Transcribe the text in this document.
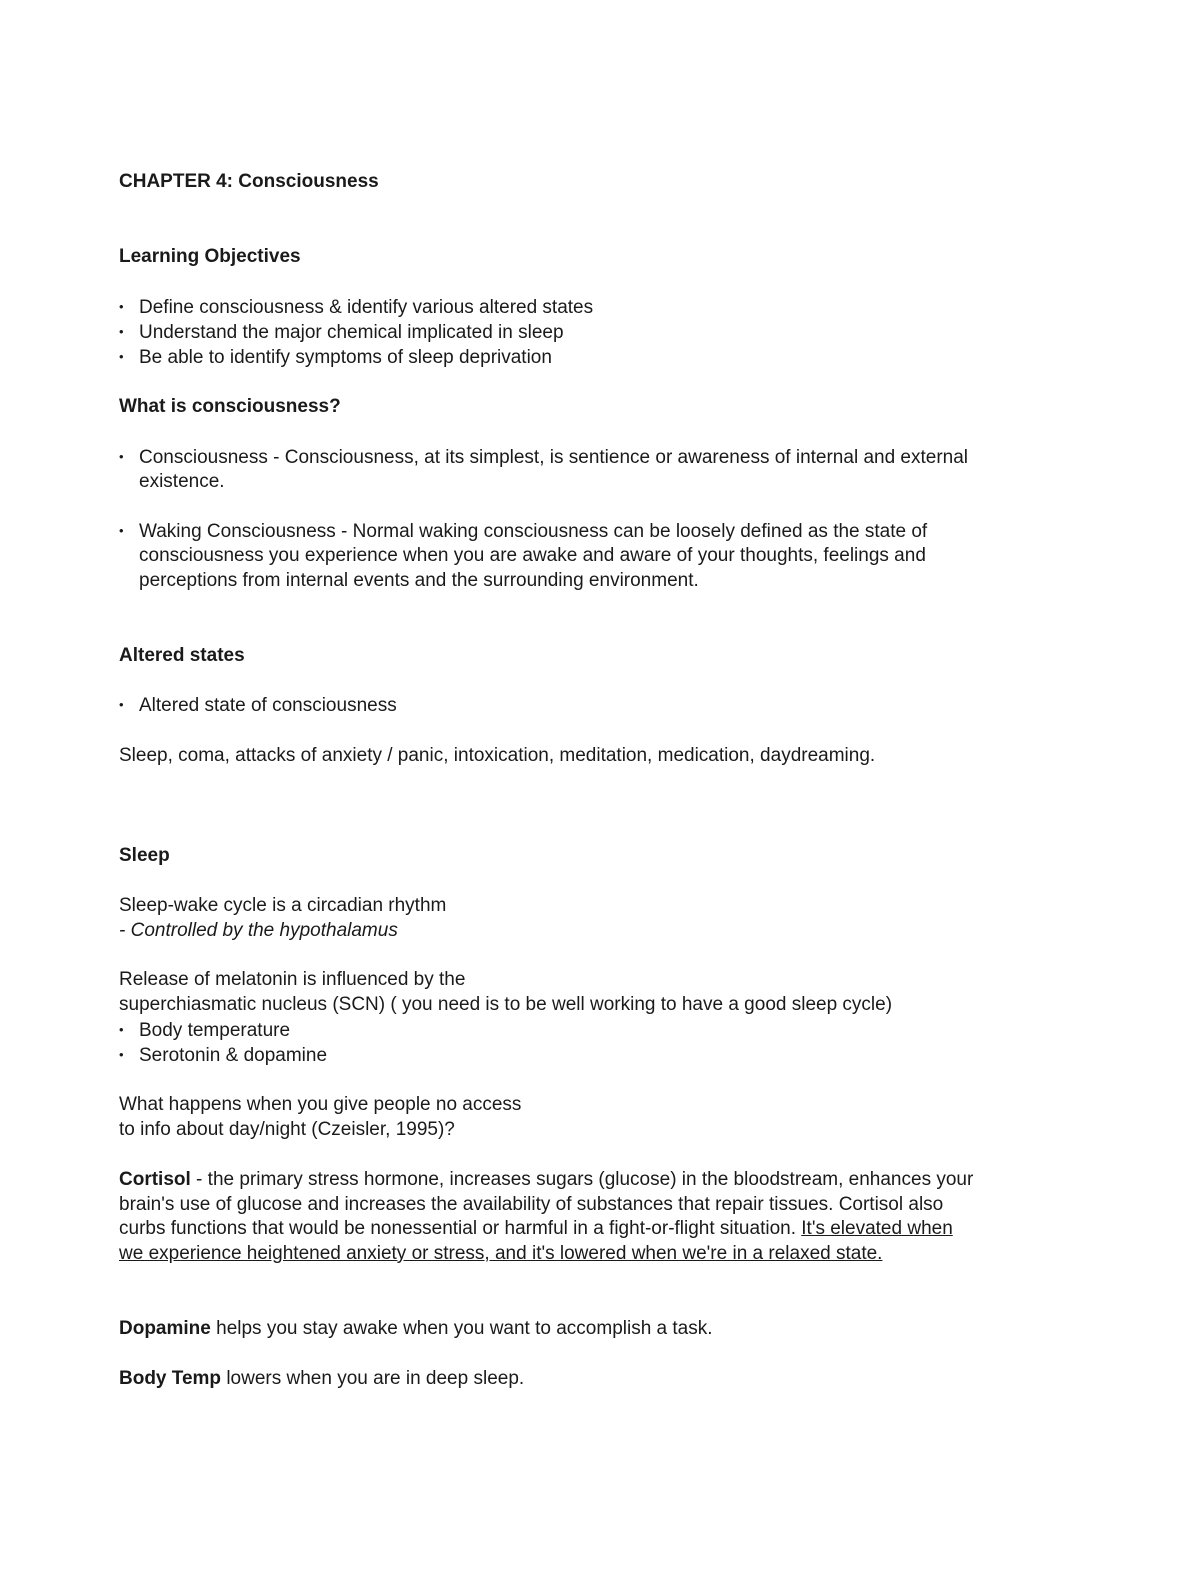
CHAPTER 4: Consciousness
Learning Objectives
• Define consciousness & identify various altered states
• Understand the major chemical implicated in sleep
• Be able to identify symptoms of sleep deprivation
What is consciousness?
• Consciousness - Consciousness, at its simplest, is sentience or awareness of internal and external
existence.
• Waking Consciousness - Normal waking consciousness can be loosely defined as the state of
consciousness you experience when you are awake and aware of your thoughts, feelings and
perceptions from internal events and the surrounding environment.
Altered states
• Altered state of consciousness
Sleep, coma, attacks of anxiety / panic, intoxication, meditation, medication, daydreaming.
Sleep
Sleep-wake cycle is a circadian rhythm
- Controlled by the hypothalamus
Release of melatonin is influenced by the
superchiasmatic nucleus (SCN) ( you need is to be well working to have a good sleep cycle)
• Body temperature
• Serotonin & dopamine
What happens when you give people no access
to info about day/night (Czeisler, 1995)?
Cortisol - the primary stress hormone, increases sugars (glucose) in the bloodstream, enhances your
brain's use of glucose and increases the availability of substances that repair tissues. Cortisol also
curbs functions that would be nonessential or harmful in a fight-or-flight situation. It's elevated when
we experience heightened anxiety or stress, and it's lowered when we're in a relaxed state.
Dopamine helps you stay awake when you want to accomplish a task.
Body Temp lowers when you are in deep sleep.
